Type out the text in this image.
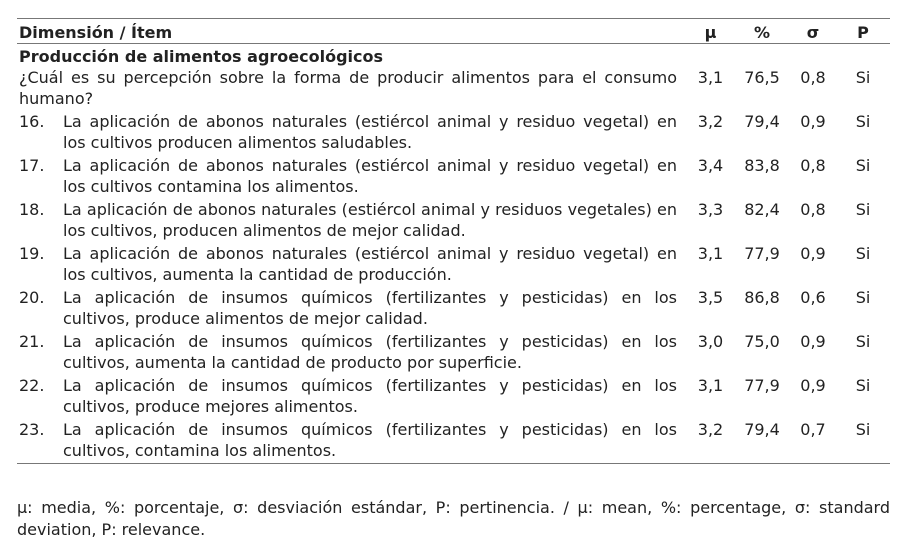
Dimensión / Ítem	μ	%	σ	P
Producción de alimentos agroecológicos				

¿Cuál es su percepción sobre la forma de producir alimentos para el consumo humano?	3,1	76,5	0,8	Si

16. La aplicación de abonos naturales (estiércol animal y residuo vegetal) en los cultivos producen alimentos saludables.	3,2	79,4	0,9	Si

17. La aplicación de abonos naturales (estiércol animal y residuo vegetal) en los cultivos contamina los alimentos.	3,4	83,8	0,8	Si

18. La aplicación de abonos naturales (estiércol animal y residuos vegetales) en los cultivos, producen alimentos de mejor calidad.	3,3	82,4	0,8	Si

19. La aplicación de abonos naturales (estiércol animal y residuo vegetal) en los cultivos, aumenta la cantidad de producción.	3,1	77,9	0,9	Si

20. La aplicación de insumos químicos (fertilizantes y pesticidas) en los cultivos, produce alimentos de mejor calidad.	3,5	86,8	0,6	Si

21. La aplicación de insumos químicos (fertilizantes y pesticidas) en los cultivos, aumenta la cantidad de producto por superficie.	3,0	75,0	0,9	Si

22. La aplicación de insumos químicos (fertilizantes y pesticidas) en los cultivos, produce mejores alimentos.	3,1	77,9	0,9	Si

23. La aplicación de insumos químicos (fertilizantes y pesticidas) en los cultivos, contamina los alimentos.	3,2	79,4	0,7	Si
μ: media, %: porcentaje, σ: desviación estándar, P: pertinencia. / μ: mean, %: percentage, σ: standard deviation, P: relevance.
